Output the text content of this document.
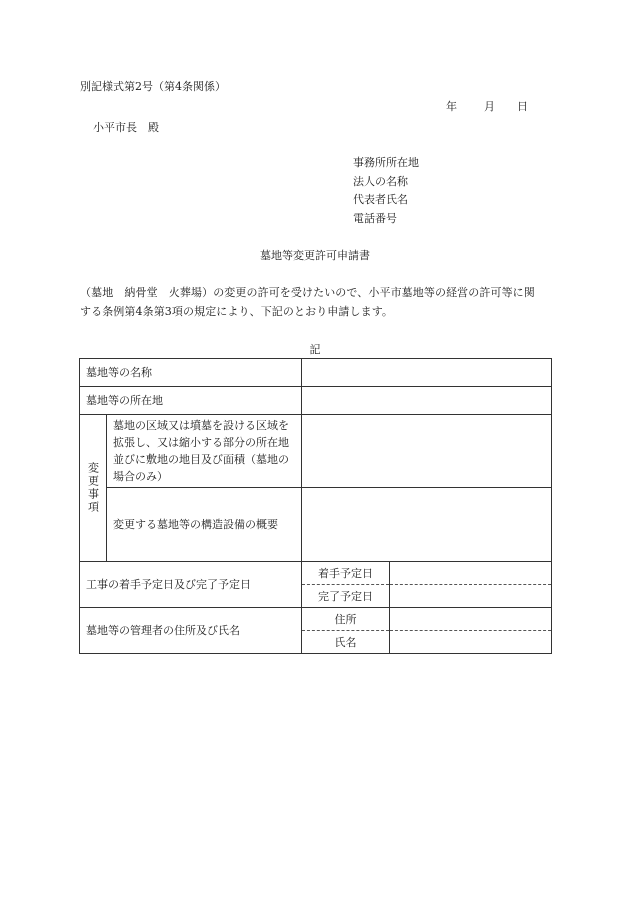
別記様式第2号（第4条関係）
年 月 日
小平市長　殿
事務所所在地
法人の名称
代表者氏名
電話番号
墓地等変更許可申請書
（墓地　納骨堂　火葬場）の変更の許可を受けたいので、小平市墓地等の経営の許可等に関
する条例第4条第3項の規定により、下記のとおり申請します。
記
墓地等の名称			
墓地等の所在地			
変更事項	墓地の区域又は墳墓を設ける区域を拡張し、又は縮小する部分の所在地並びに敷地の地目及び面積（墓地の場合のみ）		
	変更する墓地等の構造設備の概要		
工事の着手予定日及び完了予定日		着手予定日	
		完了予定日	
墓地等の管理者の住所及び氏名		住所	
		氏名	
